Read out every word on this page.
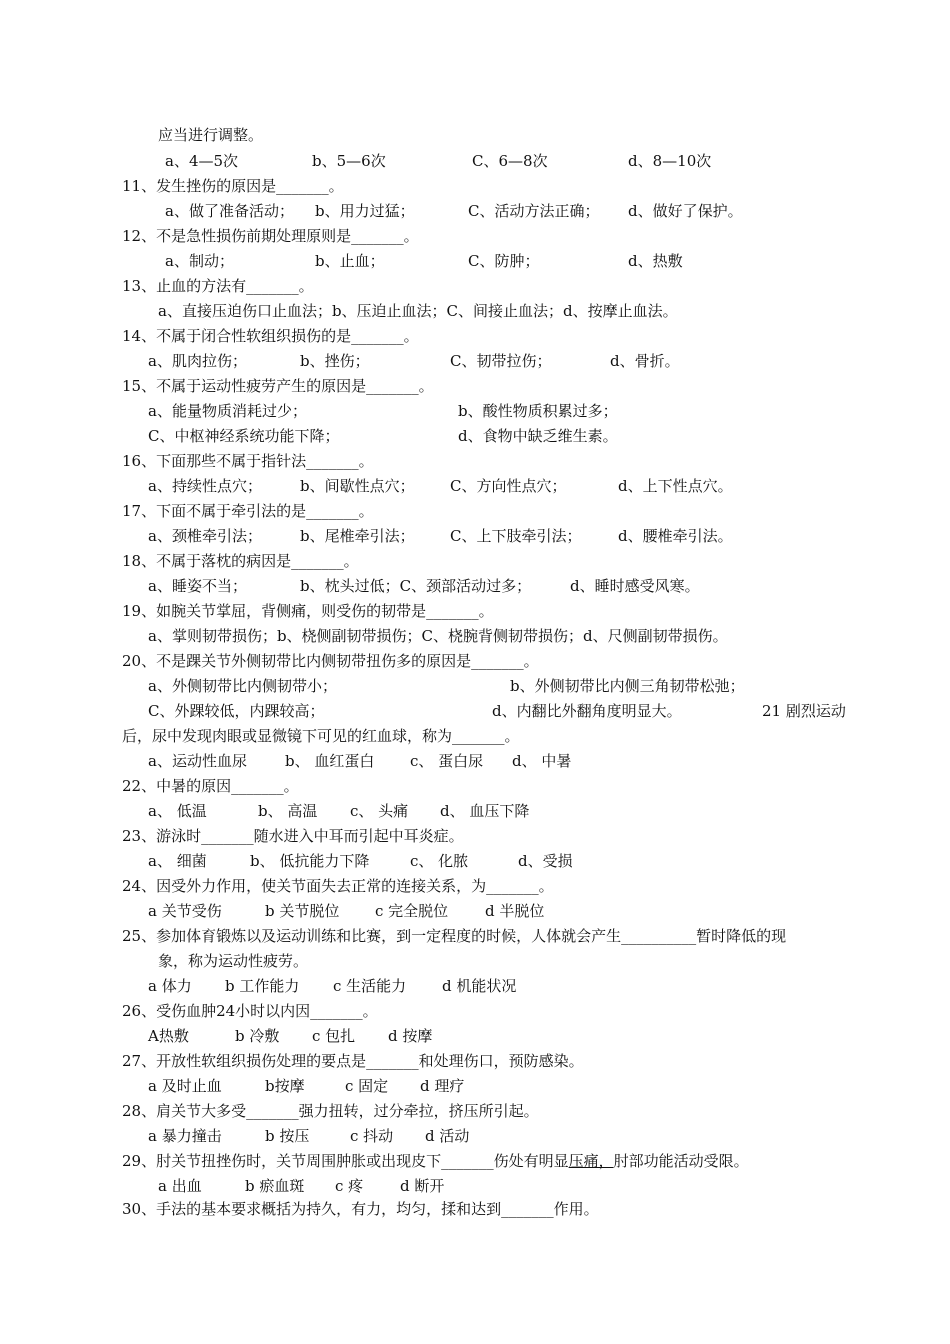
应当进行调整。
a、4—5次	b、5—6次	C、6—8次	d、8—10次
11、发生挫伤的原因是_______。
a、做了准备活动； b、用力过猛；	C、活动方法正确； d、做好了保护。
12、不是急性损伤前期处理原则是_______。
a、制动；	b、止血；	C、防肿；	d、热敷
13、止血的方法有_______。
a、直接压迫伤口止血法；b、压迫止血法；C、间接止血法；d、按摩止血法。
14、不属于闭合性软组织损伤的是_______。
a、肌肉拉伤；	b、挫伤；	C、韧带拉伤；	d、骨折。
15、不属于运动性疲劳产生的原因是_______。
a、能量物质消耗过少；	b、酸性物质积累过多；
C、中枢神经系统功能下降；	d、食物中缺乏维生素。
16、下面那些不属于指针法_______。
a、持续性点穴；	b、间歇性点穴； C、方向性点穴；	d、上下性点穴。
17、下面不属于牵引法的是_______。
a、颈椎牵引法；	b、尾椎牵引法； C、上下肢牵引法； d、腰椎牵引法。
18、不属于落枕的病因是_______。
a、睡姿不当；	b、枕头过低；C、颈部活动过多；	d、睡时感受风寒。
19、如腕关节掌屈，背侧痛，则受伤的韧带是_______。
a、掌则韧带损伤；b、桡侧副韧带损伤；C、桡腕背侧韧带损伤；d、尺侧副韧带损伤。
20、不是踝关节外侧韧带比内侧韧带扭伤多的原因是_______。
a、外侧韧带比内侧韧带小；	b、外侧韧带比内侧三角韧带松弛；
C、外踝较低，内踝较高；	d、内翻比外翻角度明显大。	21 剧烈运动
后，尿中发现肉眼或显微镜下可见的红血球，称为_______。
a、运动性血尿	b、 血红蛋白 c、 蛋白尿 d、 中暑
22、中暑的原因_______。
a、 低温	b、 高温 c、 头痛 d、 血压下降
23、游泳时_______随水进入中耳而引起中耳炎症。
a、 细菌	b、 低抗能力下降	c、 化脓	d、受损
24、因受外力作用，使关节面失去正常的连接关系，为_______。
a 关节受伤	b 关节脱位 c 完全脱位 d 半脱位
25、参加体育锻炼以及运动训练和比赛，到一定程度的时候，人体就会产生__________暂时降低的现
象，称为运动性疲劳。
a 体力 b 工作能力 c 生活能力 d 机能状况
26、受伤血肿24小时以内因_______。
A热敷	b 冷敷 c 包扎 d 按摩
27、开放性软组织损伤处理的要点是_______和处理伤口，预防感染。
a 及时止血	b按摩	c 固定 d 理疗
28、肩关节大多受_______强力扭转，过分牵拉，挤压所引起。
a 暴力撞击	b 按压	c 抖动 d 活动
29、肘关节扭挫伤时，关节周围肿胀或出现皮下_______伤处有明显压痛，肘部功能活动受限。
a 出血	b 瘀血斑 c 疼 d 断开
30、手法的基本要求概括为持久，有力，均匀，揉和达到_______作用。
